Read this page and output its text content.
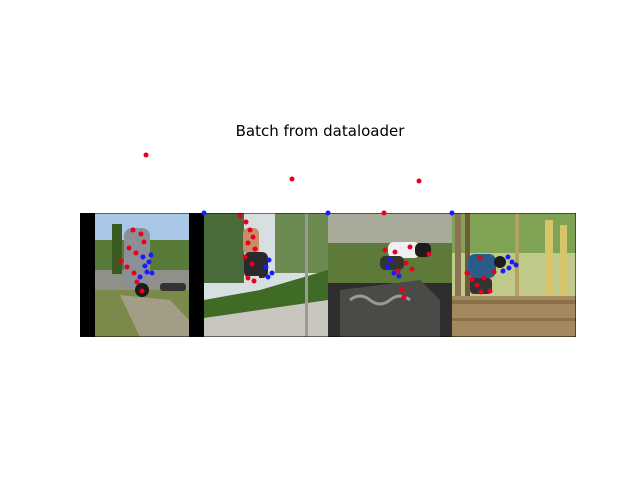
Batch from dataloader
